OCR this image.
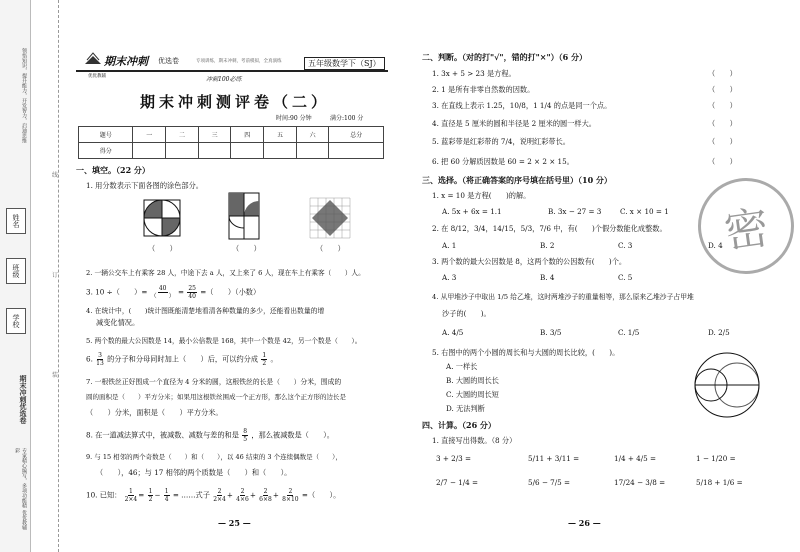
领悟知识，提升能力，开发智力，启迪思维
姓名
班级
学校
期末冲刺优选卷
专家精心编写，多项功能精彩
优优教辅
线
订
装
期末冲刺 优选卷
优优教辅
专项训练，期末冲刺，考前模拟，全真演练	五年级数学下（SJ）
冲刺100必练
期末冲刺测评卷（二）
时间:90 分钟	满分:100 分
题号	一	二	三	四	五	六	总分
得分							
一、填空。（22 分）
1. 用分数表示下面各图的涂色部分。
（　　）	（　　）	（　　）
2. 一辆公交车上有乘客 28 人，中途下去 a 人，又上来了 6 人，现在车上有乘客（　　）人。
3. 10 ÷（　　）= $\frac{40}{( )} = \frac{25}{40}$ =（　　）（小数）
4. 在统计中，(　　)统计图既能清楚地看清各种数量的多少，还能看出数量的增
减变化情况。
5. 两个数的最大公因数是 14，最小公倍数是 168，其中一个数是 42，另一个数是（　　）。
6. $\frac{3}{13}$ 的分子和分母同时加上（　　）后，可以约分成 $\frac{1}{2}$ 。
7. 一根铁丝正好围成一个直径为 4 分米的圆，这根铁丝的长是（　　）分米，围成的
圆的面积是（　　）平方分米；如果用这根铁丝围成一个正方形，那么这个正方形的边长是
（　　）分米，面积是（　　）平方分米。
8. 在一道减法算式中，被减数、减数与差的和是 $\frac{8}{5}$ ，那么被减数是（　　）。
9. 与 15 相邻的两个奇数是（　　）和（　　），以 46 结束的 3 个连续偶数是（　　），
（　　），46；与 17 相邻的两个质数是（　　）和（　　）。
10. 已知： $\frac{1}{2\times 4} = \frac{1}{2} - \frac{1}{4}$ = ……式子 $\frac{2}{2\times 4} + \frac{2}{4\times 6} + \frac{2}{6\times 8} + \frac{2}{8\times 10}$ =（　　）。
— 25 —
二、判断。（对的打"√"，错的打"×"）（6 分）
1. 3x + 5 > 23 是方程。
2. 1 是所有非零自然数的因数。
3. 在直线上表示 1.25，10/8，1 1/4 的点是同一个点。
4. 直径是 5 厘米的圆和半径是 2 厘米的圆一样大。
5. 蓝彩带是红彩带的 7/4，说明红彩带长。
6. 把 60 分解质因数是 60 = 2 × 2 × 15。
（　　）
（　　）
（　　）
（　　）
（　　）
（　　）
三、选择。（将正确答案的序号填在括号里）（10 分）
1. x = 10 是方程(　　)的解。
A. 5x + 6x = 1.1	B. 3x − 27 = 3	C. x × 10 = 1
2. 在 8/12，3/4，14/15，5/3，7/6 中，有(　　)个假分数能化成整数。
A. 1	B. 2	C. 3	D. 4
3. 两个数的最大公因数是 8，这两个数的公因数有(　　)个。
A. 3	B. 4	C. 5
4. 从甲堆沙子中取出 1/5 给乙堆，这时两堆沙子的重量相等，那么原来乙堆沙子占甲堆
沙子的(　　)。
A. 4/5	B. 3/5	C. 1/5	D. 2/5
5. 右图中的两个小圆的周长和与大圆的周长比较，(　　)。
A. 一样长
B. 大圆的周长长
C. 大圆的周长短
D. 无法判断
四、计算。（26 分）
1. 直接写出得数。（8 分）
3 + 2/3 =	5/11 + 3/11 =	1/4 + 4/5 =	1 − 1/20 =
2/7 − 1/4 =	5/6 − 7/5 =	17/24 − 3/8 =	5/18 + 1/6 =
— 26 —
密
